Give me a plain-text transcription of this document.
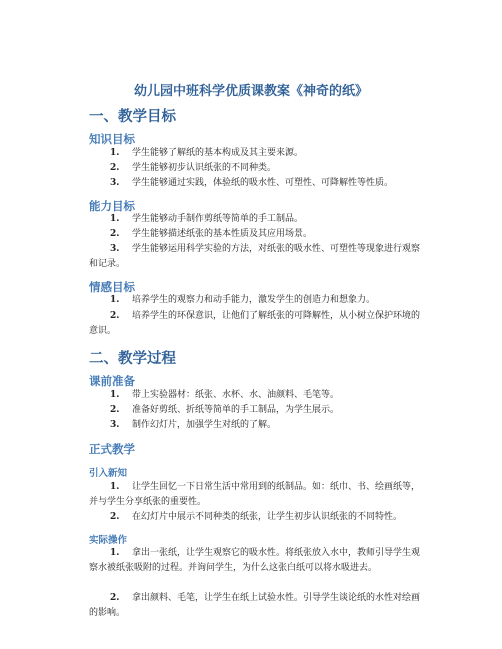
幼儿园中班科学优质课教案《神奇的纸》
一、教学目标
知识目标
1. 学生能够了解纸的基本构成及其主要来源。
2. 学生能够初步认识纸张的不同种类。
3. 学生能够通过实践，体验纸的吸水性、可塑性、可降解性等性质。
能力目标
1. 学生能够动手制作剪纸等简单的手工制品。
2. 学生能够描述纸张的基本性质及其应用场景。
3. 学生能够运用科学实验的方法，对纸张的吸水性、可塑性等现象进行观察和记录。
情感目标
1. 培养学生的观察力和动手能力，激发学生的创造力和想象力。
2. 培养学生的环保意识，让他们了解纸张的可降解性，从小树立保护环境的意识。
二、教学过程
课前准备
1. 带上实验器材：纸张、水杯、水、油颜料、毛笔等。
2. 准备好剪纸、折纸等简单的手工制品，为学生展示。
3. 制作幻灯片，加强学生对纸的了解。
正式教学
引入新知
1. 让学生回忆一下日常生活中常用到的纸制品。如：纸巾、书、绘画纸等，并与学生分享纸张的重要性。
2. 在幻灯片中展示不同种类的纸张，让学生初步认识纸张的不同特性。
实际操作
1. 拿出一张纸，让学生观察它的吸水性。将纸张放入水中，教师引导学生观察水被纸张吸附的过程。并询问学生，为什么这张白纸可以将水吸进去。
2. 拿出颜料、毛笔，让学生在纸上试验水性。引导学生谈论纸的水性对绘画的影响。
